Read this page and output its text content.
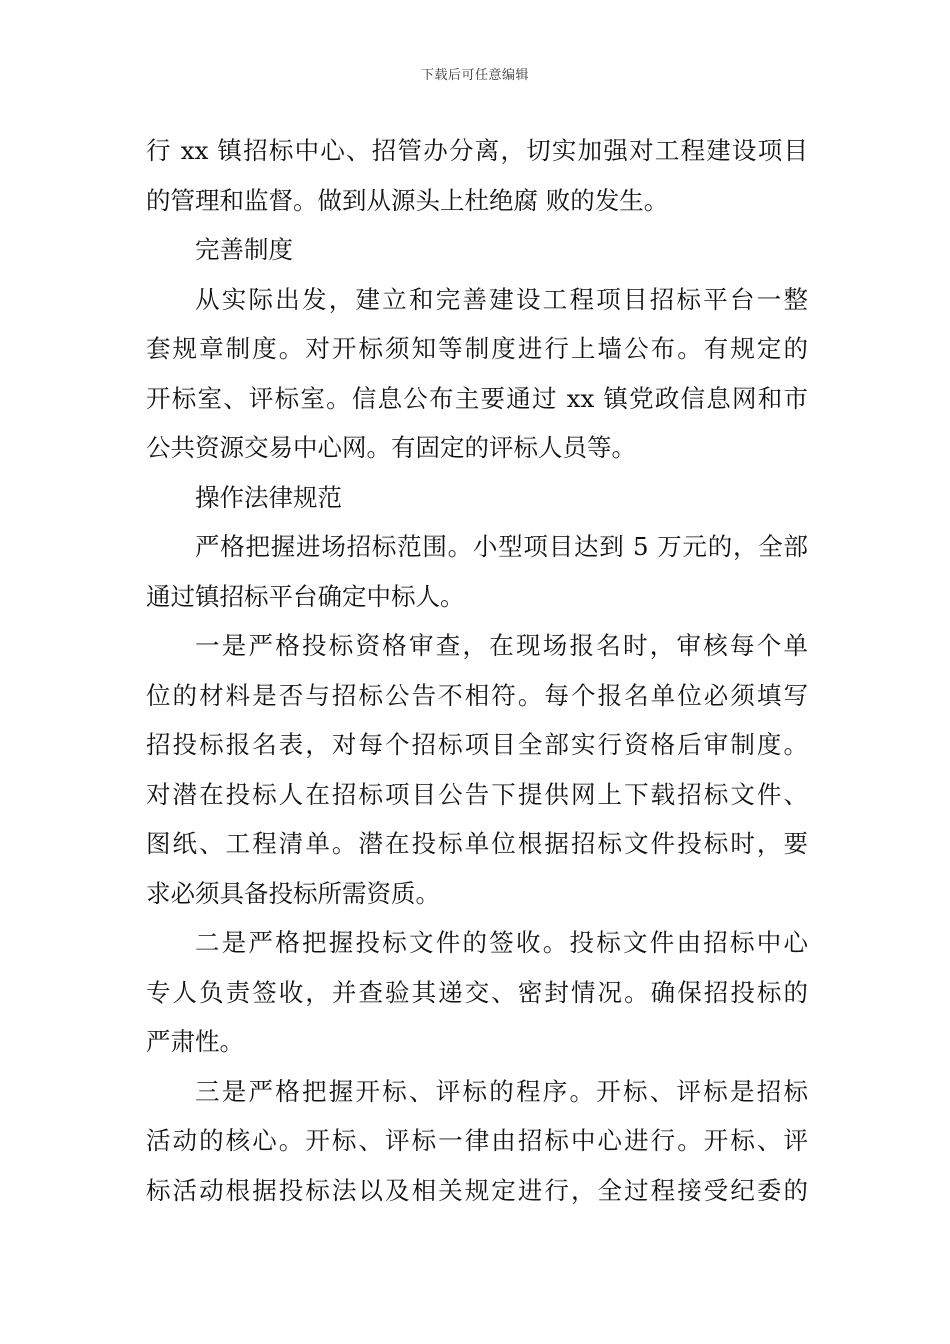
下载后可任意编辑
行 xx 镇招标中心、招管办分离，切实加强对工程建设项目
的管理和监督。做到从源头上杜绝腐 败的发生。
完善制度
从实际出发，建立和完善建设工程项目招标平台一整
套规章制度。对开标须知等制度进行上墙公布。有规定的
开标室、评标室。信息公布主要通过 xx 镇党政信息网和市
公共资源交易中心网。有固定的评标人员等。
操作法律规范
严格把握进场招标范围。小型项目达到 5 万元的，全部
通过镇招标平台确定中标人。
一是严格投标资格审查，在现场报名时，审核每个单
位的材料是否与招标公告不相符。每个报名单位必须填写
招投标报名表，对每个招标项目全部实行资格后审制度。
对潜在投标人在招标项目公告下提供网上下载招标文件、
图纸、工程清单。潜在投标单位根据招标文件投标时，要
求必须具备投标所需资质。
二是严格把握投标文件的签收。投标文件由招标中心
专人负责签收，并查验其递交、密封情况。确保招投标的
严肃性。
三是严格把握开标、评标的程序。开标、评标是招标
活动的核心。开标、评标一律由招标中心进行。开标、评
标活动根据投标法以及相关规定进行，全过程接受纪委的
